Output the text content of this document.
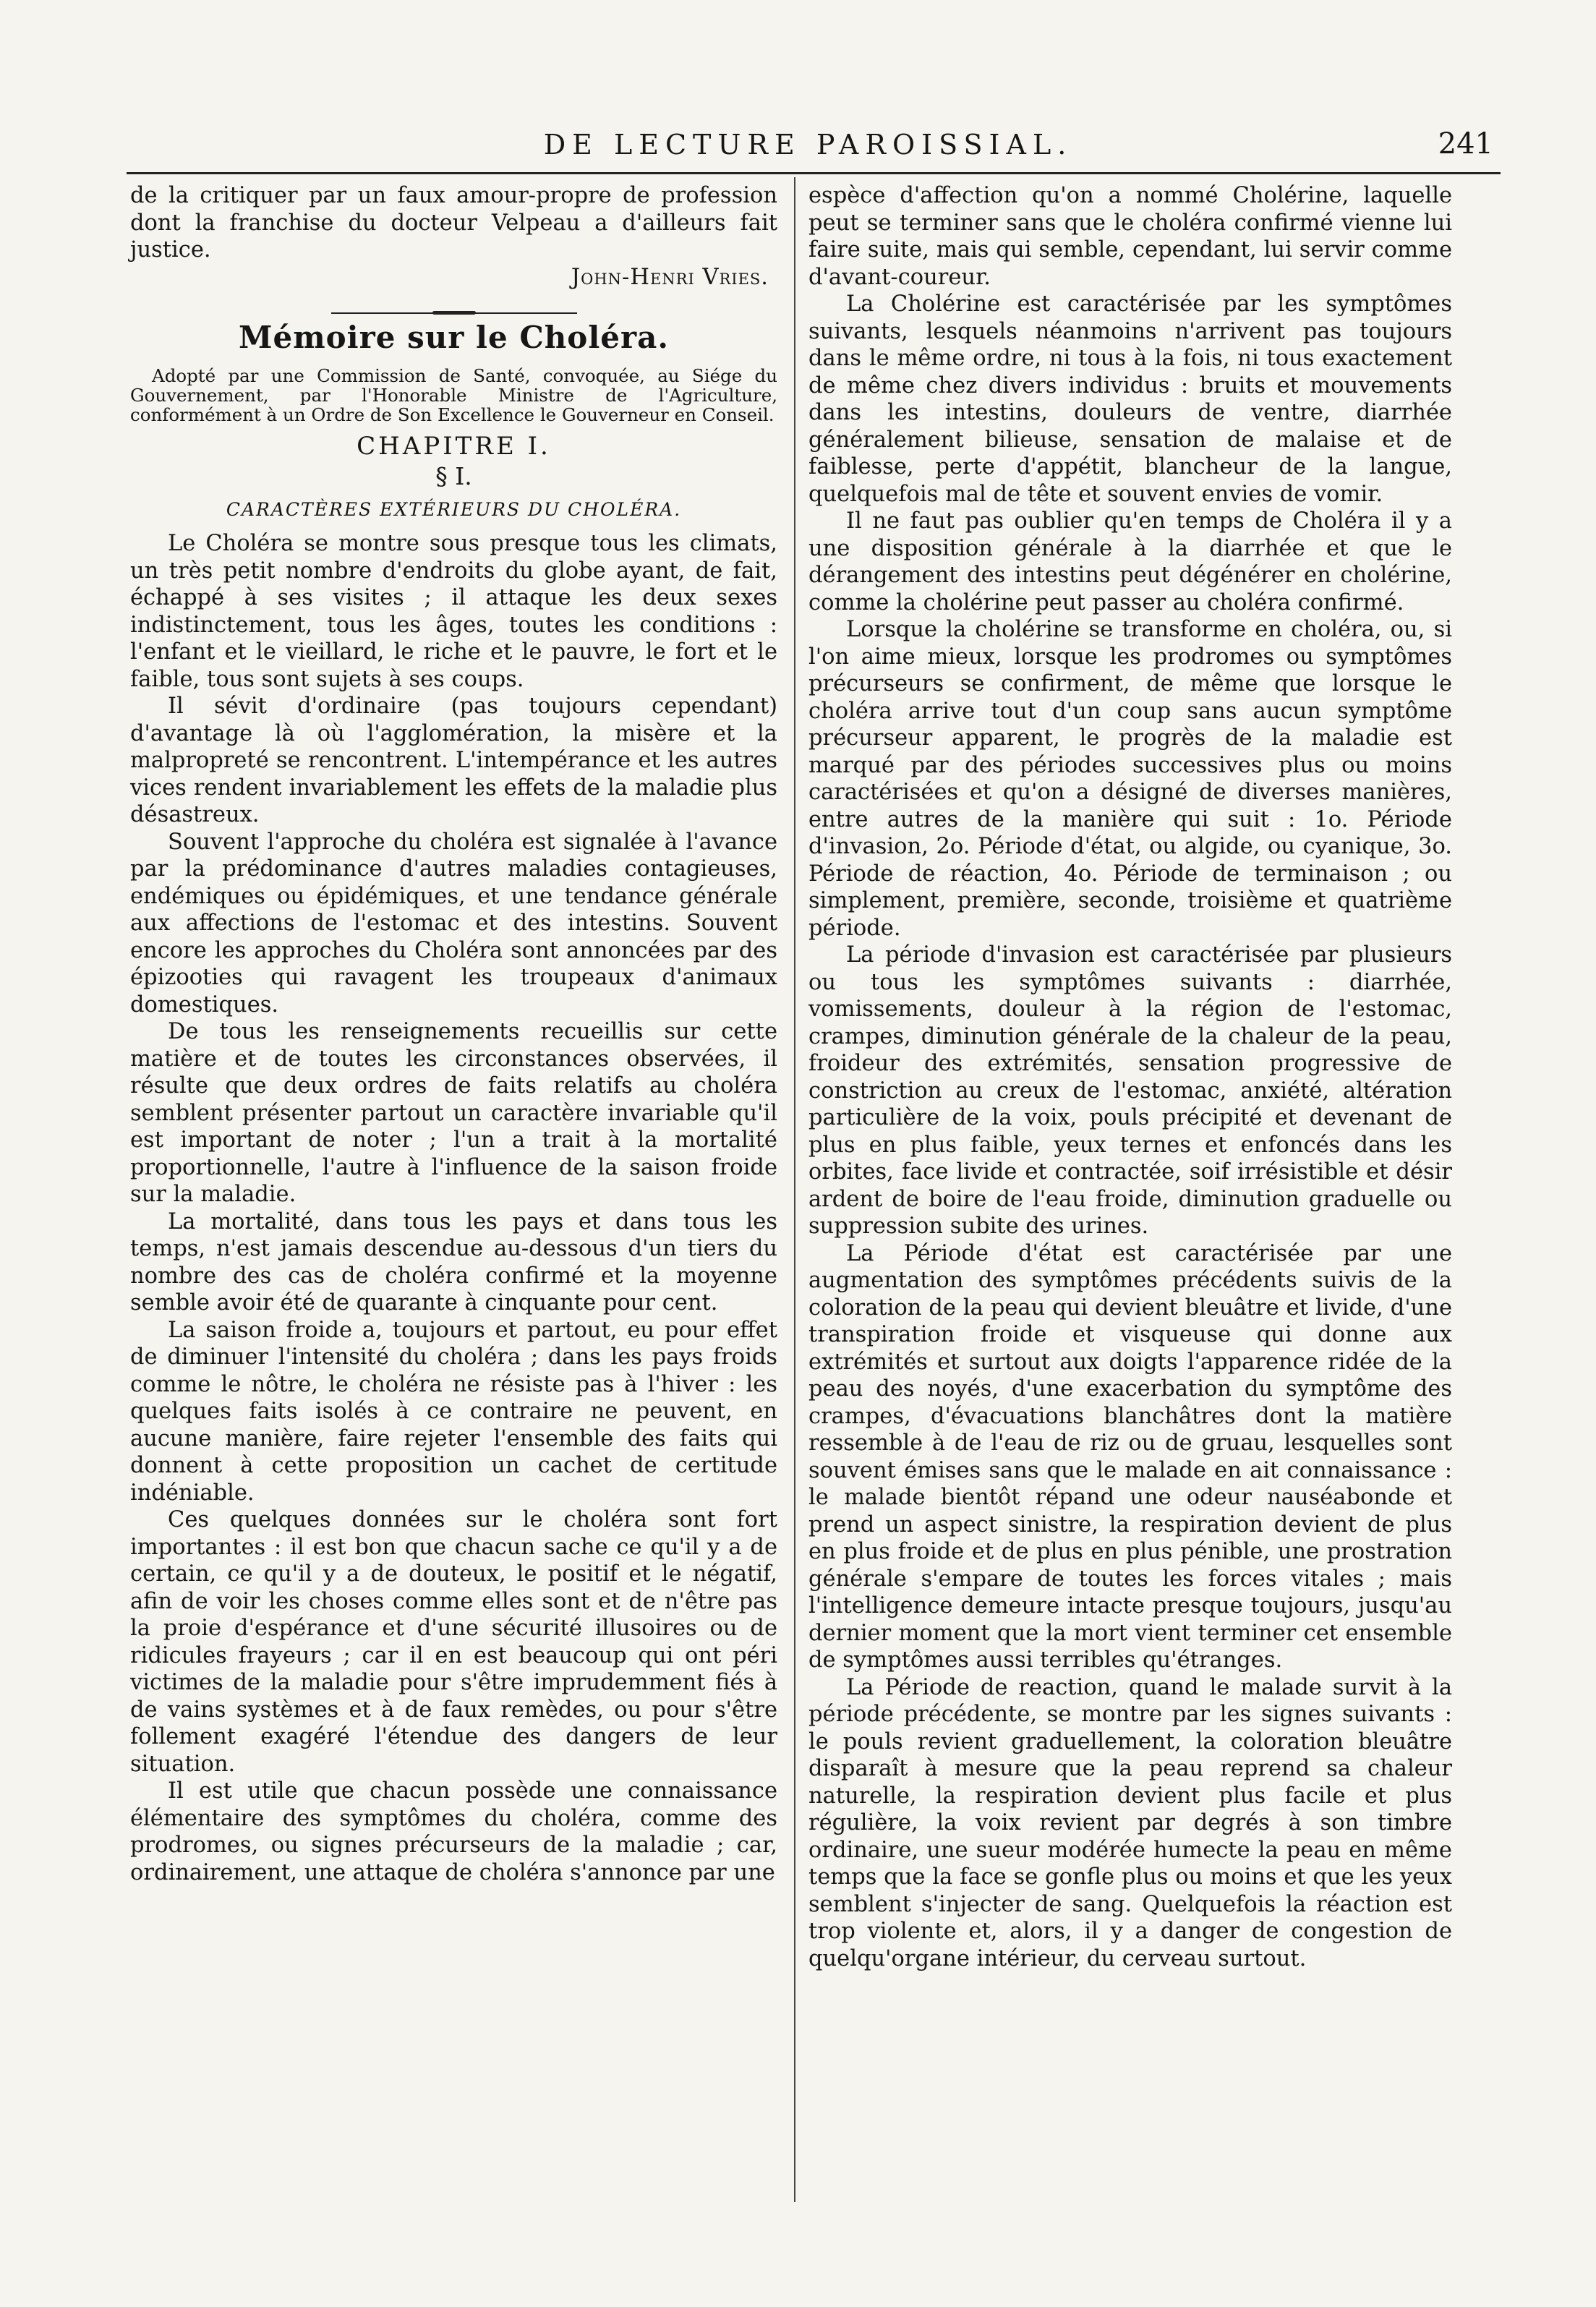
DE LECTURE PAROISSIAL.	241

de la critiquer par un faux amour-propre de profession dont la franchise du docteur Velpeau a d'ailleurs fait justice.

John-Henri Vries.

Mémoire sur le Choléra.
Adopté par une Commission de Santé, convoquée, au Siége du Gouvernement, par l'Honorable Ministre de l'Agriculture, conformément à un Ordre de Son Excellence le Gouverneur en Conseil.
CHAPITRE I.
§ I.
CARACTÈRES EXTÉRIEURS DU CHOLÉRA.

Le Choléra se montre sous presque tous les climats, un très petit nombre d'endroits du globe ayant, de fait, échappé à ses visites ; il attaque les deux sexes indistinctement, tous les âges, toutes les conditions : l'enfant et le vieillard, le riche et le pauvre, le fort et le faible, tous sont sujets à ses coups.

Il sévit d'ordinaire (pas toujours cependant) d'avantage là où l'agglomération, la misère et la malpropreté se rencontrent. L'intempérance et les autres vices rendent invariablement les effets de la maladie plus désastreux.

Souvent l'approche du choléra est signalée à l'avance par la prédominance d'autres maladies contagieuses, endémiques ou épidémiques, et une tendance générale aux affections de l'estomac et des intestins. Souvent encore les approches du Choléra sont annoncées par des épizooties qui ravagent les troupeaux d'animaux domestiques.

De tous les renseignements recueillis sur cette matière et de toutes les circonstances observées, il résulte que deux ordres de faits relatifs au choléra semblent présenter partout un caractère invariable qu'il est important de noter ; l'un a trait à la mortalité proportionnelle, l'autre à l'influence de la saison froide sur la maladie.

La mortalité, dans tous les pays et dans tous les temps, n'est jamais descendue au-dessous d'un tiers du nombre des cas de choléra confirmé et la moyenne semble avoir été de quarante à cinquante pour cent.

La saison froide a, toujours et partout, eu pour effet de diminuer l'intensité du choléra ; dans les pays froids comme le nôtre, le choléra ne résiste pas à l'hiver : les quelques faits isolés à ce contraire ne peuvent, en aucune manière, faire rejeter l'ensemble des faits qui donnent à cette proposition un cachet de certitude indéniable.

Ces quelques données sur le choléra sont fort importantes : il est bon que chacun sache ce qu'il y a de certain, ce qu'il y a de douteux, le positif et le négatif, afin de voir les choses comme elles sont et de n'être pas la proie d'espérance et d'une sécurité illusoires ou de ridicules frayeurs ; car il en est beaucoup qui ont péri victimes de la maladie pour s'être imprudemment fiés à de vains systèmes et à de faux remèdes, ou pour s'être follement exagéré l'étendue des dangers de leur situation.

Il est utile que chacun possède une connaissance élémentaire des symptômes du choléra, comme des prodromes, ou signes précurseurs de la maladie ; car, ordinairement, une attaque de choléra s'annonce par une

espèce d'affection qu'on a nommé Cholérine, laquelle peut se terminer sans que le choléra confirmé vienne lui faire suite, mais qui semble, cependant, lui servir comme d'avant-coureur.

La Cholérine est caractérisée par les symptômes suivants, lesquels néanmoins n'arrivent pas toujours dans le même ordre, ni tous à la fois, ni tous exactement de même chez divers individus : bruits et mouvements dans les intestins, douleurs de ventre, diarrhée généralement bilieuse, sensation de malaise et de faiblesse, perte d'appétit, blancheur de la langue, quelquefois mal de tête et souvent envies de vomir.

Il ne faut pas oublier qu'en temps de Choléra il y a une disposition générale à la diarrhée et que le dérangement des intestins peut dégénérer en cholérine, comme la cholérine peut passer au choléra confirmé.

Lorsque la cholérine se transforme en choléra, ou, si l'on aime mieux, lorsque les prodromes ou symptômes précurseurs se confirment, de même que lorsque le choléra arrive tout d'un coup sans aucun symptôme précurseur apparent, le progrès de la maladie est marqué par des périodes successives plus ou moins caractérisées et qu'on a désigné de diverses manières, entre autres de la manière qui suit : 1o. Période d'invasion, 2o. Période d'état, ou algide, ou cyanique, 3o. Période de réaction, 4o. Période de terminaison ; ou simplement, première, seconde, troisième et quatrième période.

La période d'invasion est caractérisée par plusieurs ou tous les symptômes suivants : diarrhée, vomissements, douleur à la région de l'estomac, crampes, diminution générale de la chaleur de la peau, froideur des extrémités, sensation progressive de constriction au creux de l'estomac, anxiété, altération particulière de la voix, pouls précipité et devenant de plus en plus faible, yeux ternes et enfoncés dans les orbites, face livide et contractée, soif irrésistible et désir ardent de boire de l'eau froide, diminution graduelle ou suppression subite des urines.

La Période d'état est caractérisée par une augmentation des symptômes précédents suivis de la coloration de la peau qui devient bleuâtre et livide, d'une transpiration froide et visqueuse qui donne aux extrémités et surtout aux doigts l'apparence ridée de la peau des noyés, d'une exacerbation du symptôme des crampes, d'évacuations blanchâtres dont la matière ressemble à de l'eau de riz ou de gruau, lesquelles sont souvent émises sans que le malade en ait connaissance : le malade bientôt répand une odeur nauséabonde et prend un aspect sinistre, la respiration devient de plus en plus froide et de plus en plus pénible, une prostration générale s'empare de toutes les forces vitales ; mais l'intelligence demeure intacte presque toujours, jusqu'au dernier moment que la mort vient terminer cet ensemble de symptômes aussi terribles qu'étranges.

La Période de reaction, quand le malade survit à la période précédente, se montre par les signes suivants : le pouls revient graduellement, la coloration bleuâtre disparaît à mesure que la peau reprend sa chaleur naturelle, la respiration devient plus facile et plus régulière, la voix revient par degrés à son timbre ordinaire, une sueur modérée humecte la peau en même temps que la face se gonfle plus ou moins et que les yeux semblent s'injecter de sang. Quelquefois la réaction est trop violente et, alors, il y a danger de congestion de quelqu'organe intérieur, du cerveau surtout.
